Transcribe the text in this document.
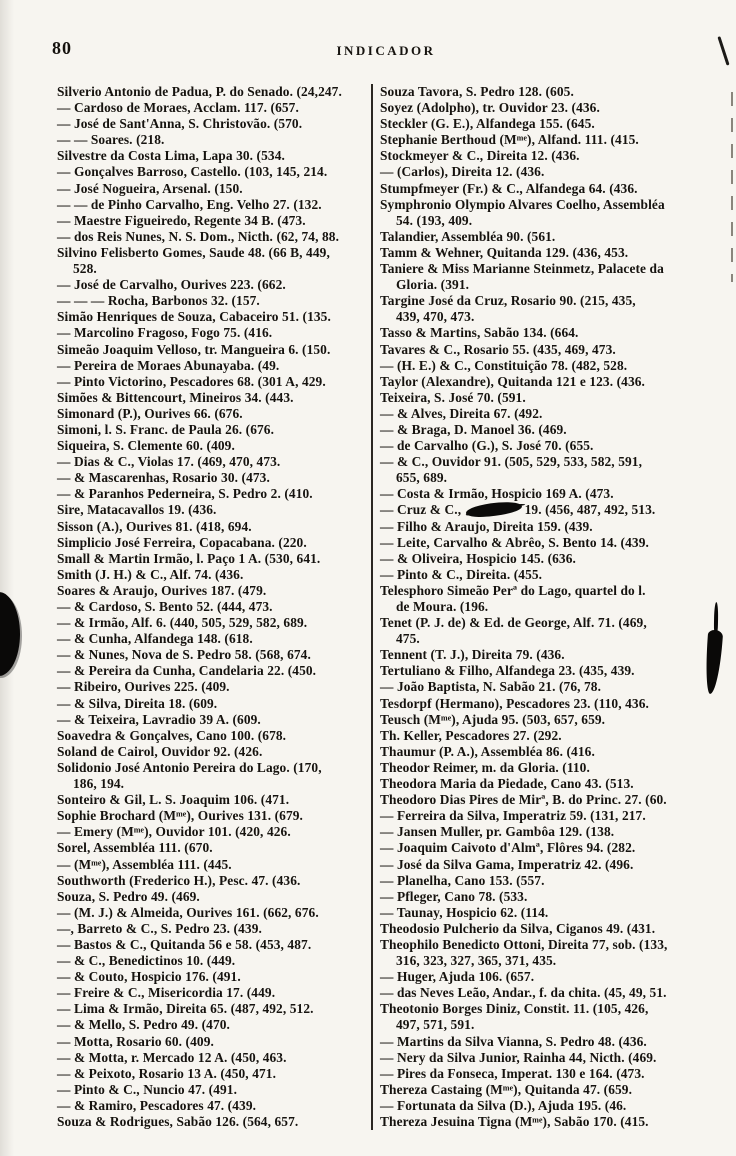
80	INDICADOR
Silverio Antonio de Padua, P. do Senado. (24,247.
— Cardoso de Moraes, Acclam. 117. (657.
— José de Sant'Anna, S. Christovão. (570.
— — Soares. (218.
Silvestre da Costa Lima, Lapa 30. (534.
— Gonçalves Barroso, Castello. (103, 145, 214.
— José Nogueira, Arsenal. (150.
— — de Pinho Carvalho, Eng. Velho 27. (132.
— Maestre Figueiredo, Regente 34 B. (473.
— dos Reis Nunes, N. S. Dom., Nicth. (62, 74, 88.
Silvino Felisberto Gomes, Saude 48. (66 B, 449,
528.
— José de Carvalho, Ourives 223. (662.
— — — Rocha, Barbonos 32. (157.
Simão Henriques de Souza, Cabaceiro 51. (135.
— Marcolino Fragoso, Fogo 75. (416.
Simeão Joaquim Velloso, tr. Mangueira 6. (150.
— Pereira de Moraes Abunayaba. (49.
— Pinto Victorino, Pescadores 68. (301 A, 429.
Simões & Bittencourt, Mineiros 34. (443.
Simonard (P.), Ourives 66. (676.
Simoni, l. S. Franc. de Paula 26. (676.
Siqueira, S. Clemente 60. (409.
— Dias & C., Violas 17. (469, 470, 473.
— & Mascarenhas, Rosario 30. (473.
— & Paranhos Pederneira, S. Pedro 2. (410.
Sire, Matacavallos 19. (436.
Sisson (A.), Ourives 81. (418, 694.
Simplicio José Ferreira, Copacabana. (220.
Small & Martin Irmão, l. Paço 1 A. (530, 641.
Smith (J. H.) & C., Alf. 74. (436.
Soares & Araujo, Ourives 187. (479.
— & Cardoso, S. Bento 52. (444, 473.
— & Irmão, Alf. 6. (440, 505, 529, 582, 689.
— & Cunha, Alfandega 148. (618.
— & Nunes, Nova de S. Pedro 58. (568, 674.
— & Pereira da Cunha, Candelaria 22. (450.
— Ribeiro, Ourives 225. (409.
— & Silva, Direita 18. (609.
— & Teixeira, Lavradio 39 A. (609.
Soavedra & Gonçalves, Cano 100. (678.
Soland de Cairol, Ouvidor 92. (426.
Solidonio José Antonio Pereira do Lago. (170,
186, 194.
Sonteiro & Gil, L. S. Joaquim 106. (471.
Sophie Brochard (Mᵐᵉ), Ourives 131. (679.
— Emery (Mᵐᵉ), Ouvidor 101. (420, 426.
Sorel, Assembléa 111. (670.
— (Mᵐᵉ), Assembléa 111. (445.
Southworth (Frederico H.), Pesc. 47. (436.
Souza, S. Pedro 49. (469.
— (M. J.) & Almeida, Ourives 161. (662, 676.
—, Barreto & C., S. Pedro 23. (439.
— Bastos & C., Quitanda 56 e 58. (453, 487.
— & C., Benedictinos 10. (449.
— & Couto, Hospicio 176. (491.
— Freire & C., Misericordia 17. (449.
— Lima & Irmão, Direita 65. (487, 492, 512.
— & Mello, S. Pedro 49. (470.
— Motta, Rosario 60. (409.
— & Motta, r. Mercado 12 A. (450, 463.
— & Peixoto, Rosario 13 A. (450, 471.
— Pinto & C., Nuncio 47. (491.
— & Ramiro, Pescadores 47. (439.
Souza & Rodrigues, Sabão 126. (564, 657.
Souza Tavora, S. Pedro 128. (605.
Soyez (Adolpho), tr. Ouvidor 23. (436.
Steckler (G. E.), Alfandega 155. (645.
Stephanie Berthoud (Mᵐᵉ), Alfand. 111. (415.
Stockmeyer & C., Direita 12. (436.
— (Carlos), Direita 12. (436.
Stumpfmeyer (Fr.) & C., Alfandega 64. (436.
Symphronio Olympio Alvares Coelho, Assembléa
54. (193, 409.
Talandier, Assembléa 90. (561.
Tamm & Wehner, Quitanda 129. (436, 453.
Taniere & Miss Marianne Steinmetz, Palacete da
Gloria. (391.
Targine José da Cruz, Rosario 90. (215, 435,
439, 470, 473.
Tasso & Martins, Sabão 134. (664.
Tavares & C., Rosario 55. (435, 469, 473.
— (H. E.) & C., Constituição 78. (482, 528.
Taylor (Alexandre), Quitanda 121 e 123. (436.
Teixeira, S. José 70. (591.
— & Alves, Direita 67. (492.
— & Braga, D. Manoel 36. (469.
— de Carvalho (G.), S. José 70. (655.
— & C., Ouvidor 91. (505, 529, 533, 582, 591,
655, 689.
— Costa & Irmão, Hospicio 169 A. (473.
— Cruz & C.,	19. (456, 487, 492, 513.
— Filho & Araujo, Direita 159. (439.
— Leite, Carvalho & Abrêo, S. Bento 14. (439.
— & Oliveira, Hospicio 145. (636.
— Pinto & C., Direita. (455.
Telesphoro Simeão Perª do Lago, quartel do l.
de Moura. (196.
Tenet (P. J. de) & Ed. de George, Alf. 71. (469,
475.
Tennent (T. J.), Direita 79. (436.
Tertuliano & Filho, Alfandega 23. (435, 439.
— João Baptista, N. Sabão 21. (76, 78.
Tesdorpf (Hermano), Pescadores 23. (110, 436.
Teusch (Mᵐᵉ), Ajuda 95. (503, 657, 659.
Th. Keller, Pescadores 27. (292.
Thaumur (P. A.), Assembléa 86. (416.
Theodor Reimer, m. da Gloria. (110.
Theodora Maria da Piedade, Cano 43. (513.
Theodoro Dias Pires de Mirª, B. do Princ. 27. (60.
— Ferreira da Silva, Imperatriz 59. (131, 217.
— Jansen Muller, pr. Gambôa 129. (138.
— Joaquim Caivoto d'Almª, Flôres 94. (282.
— José da Silva Gama, Imperatriz 42. (496.
— Planelha, Cano 153. (557.
— Pfleger, Cano 78. (533.
— Taunay, Hospicio 62. (114.
Theodosio Pulcherio da Silva, Ciganos 49. (431.
Theophilo Benedicto Ottoni, Direita 77, sob. (133,
316, 323, 327, 365, 371, 435.
— Huger, Ajuda 106. (657.
— das Neves Leão, Andar., f. da chita. (45, 49, 51.
Theotonio Borges Diniz, Constit. 11. (105, 426,
497, 571, 591.
— Martins da Silva Vianna, S. Pedro 48. (436.
— Nery da Silva Junior, Rainha 44, Nicth. (469.
— Pires da Fonseca, Imperat. 130 e 164. (473.
Thereza Castaing (Mᵐᵉ), Quitanda 47. (659.
— Fortunata da Silva (D.), Ajuda 195. (46.
Thereza Jesuina Tigna (Mᵐᵉ), Sabão 170. (415.
